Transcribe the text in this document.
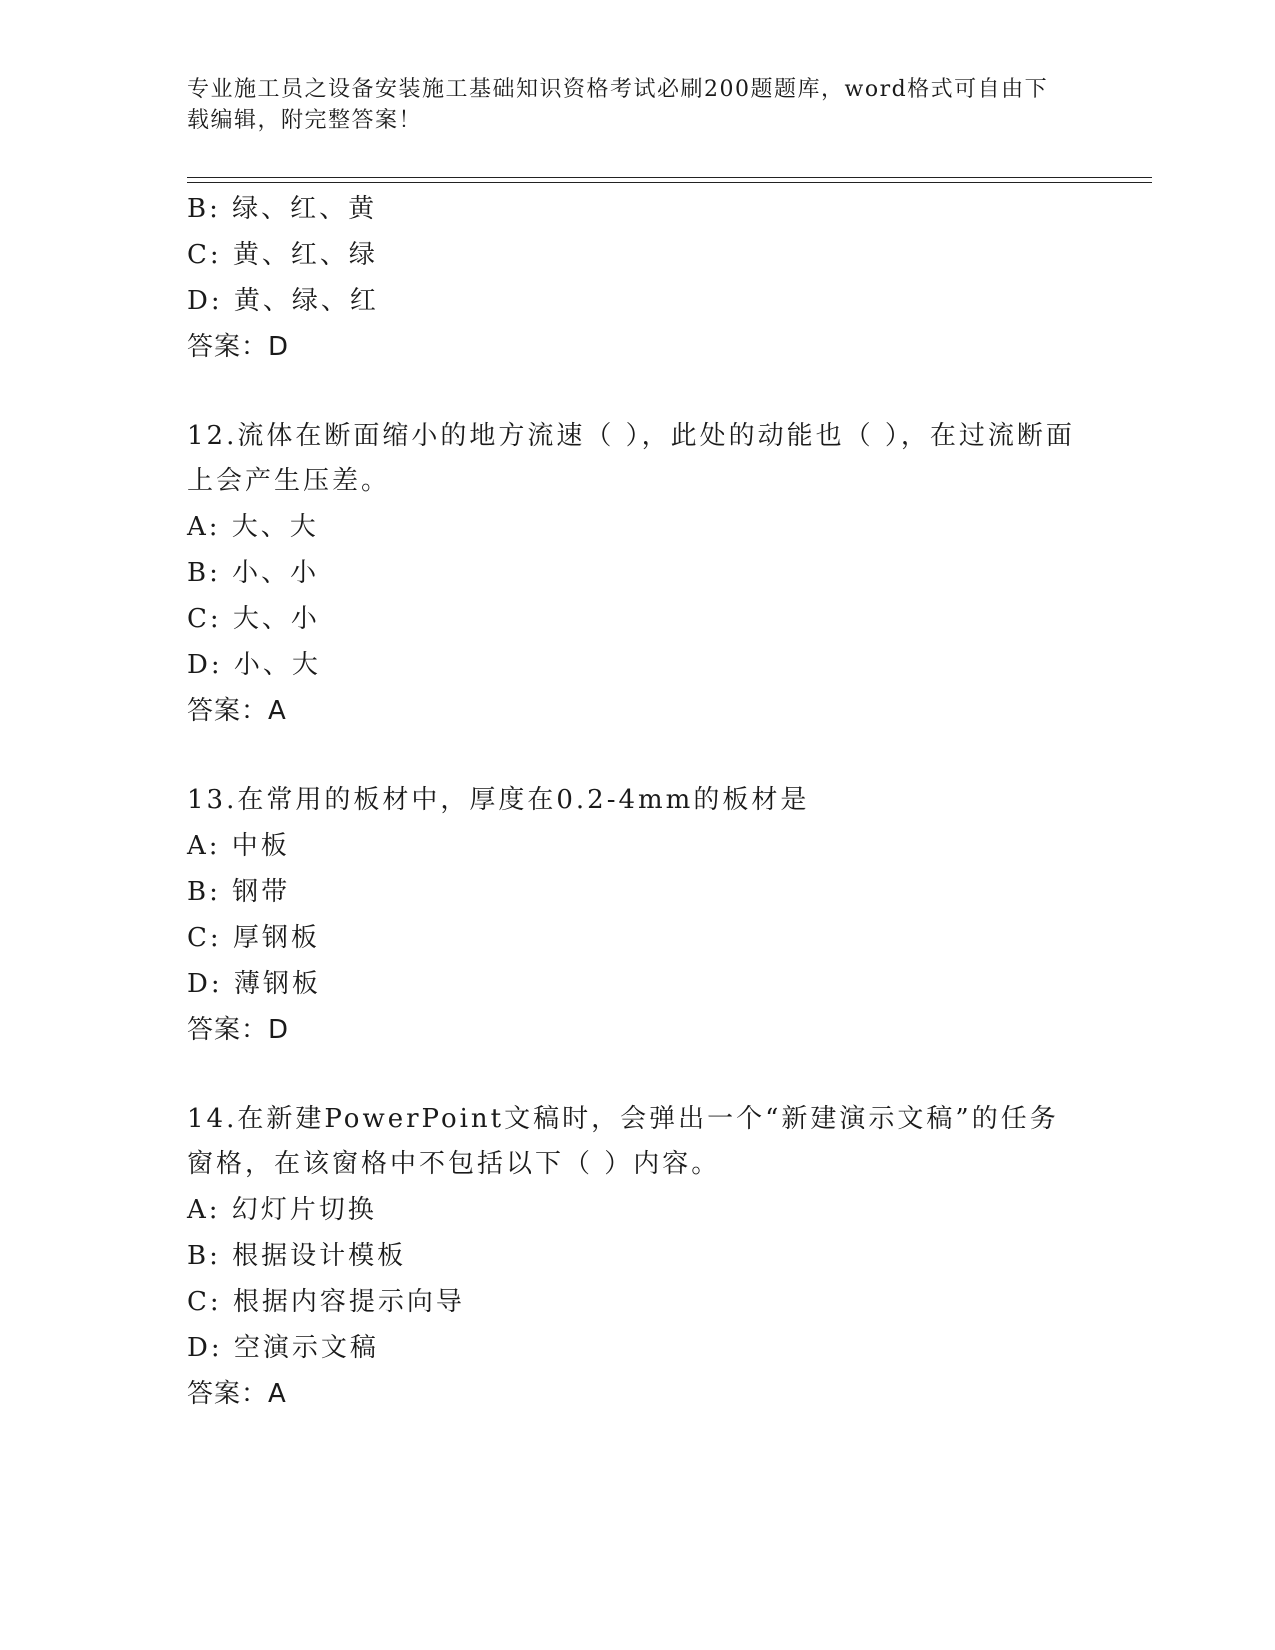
专业施工员之设备安装施工基础知识资格考试必刷200题题库，word格式可自由下载编辑，附完整答案！
B: 绿、红、黄
C: 黄、红、绿
D: 黄、绿、红
答案：D
12.流体在断面缩小的地方流速（ ），此处的动能也（ ），在过流断面上会产生压差。
A: 大、大
B: 小、小
C: 大、小
D: 小、大
答案：A
13.在常用的板材中，厚度在0.2-4mm的板材是
A: 中板
B: 钢带
C: 厚钢板
D: 薄钢板
答案：D
14.在新建PowerPoint文稿时，会弹出一个“新建演示文稿”的任务窗格，在该窗格中不包括以下（ ）内容。
A: 幻灯片切换
B: 根据设计模板
C: 根据内容提示向导
D: 空演示文稿
答案：A
